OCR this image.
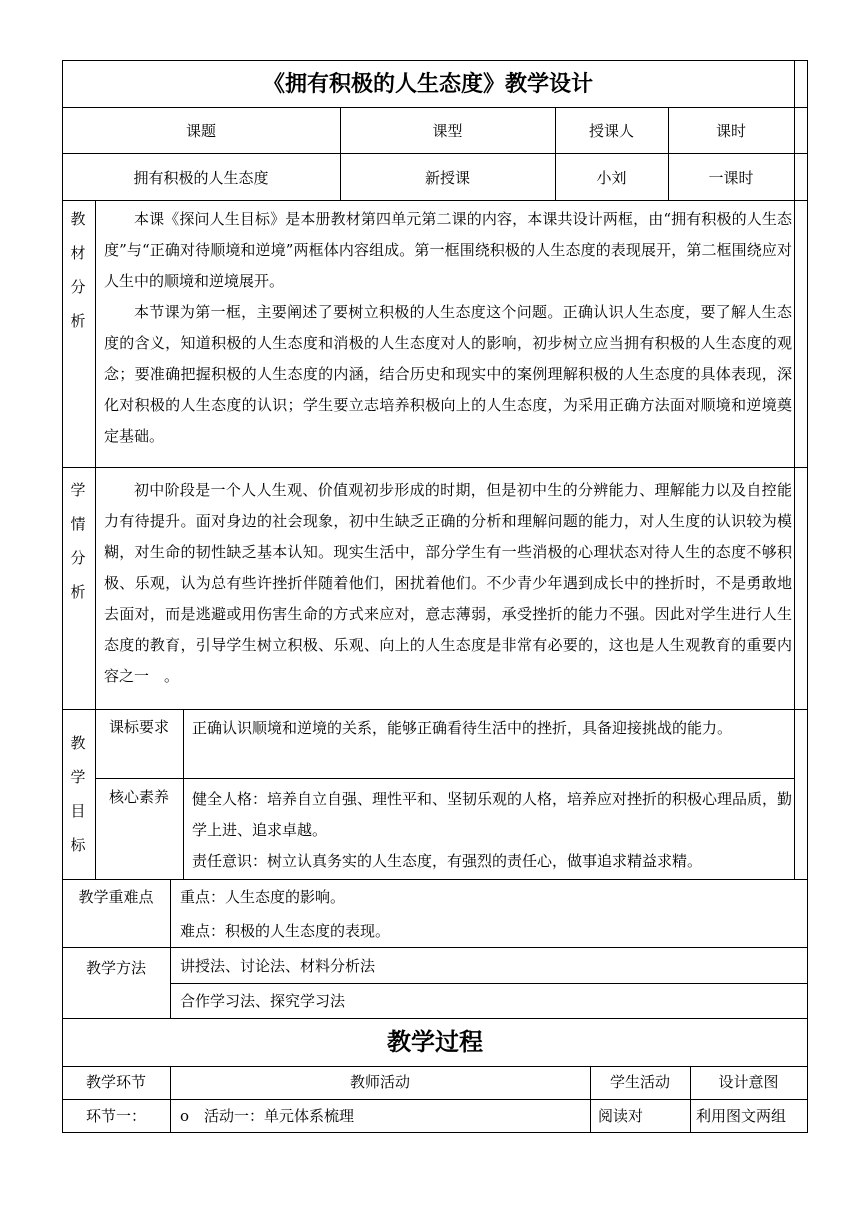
《拥有积极的人生态度》教学设计
课题	课型	授课人	课时
拥有积极的人生态度	新授课	小刘	一课时
教
材
分
析

本课《探问人生目标》是本册教材第四单元第二课的内容，本课共设计两框，由“拥有积极的人生态度”与“正确对待顺境和逆境”两框体内容组成。第一框围绕积极的人生态度的表现展开，第二框围绕应对人生中的顺境和逆境展开。

本节课为第一框，主要阐述了要树立积极的人生态度这个问题。正确认识人生态度，要了解人生态度的含义，知道积极的人生态度和消极的人生态度对人的影响，初步树立应当拥有积极的人生态度的观念；要准确把握积极的人生态度的内涵，结合历史和现实中的案例理解积极的人生态度的具体表现，深化对积极的人生态度的认识；学生要立志培养积极向上的人生态度，为采用正确方法面对顺境和逆境奠定基础。

学
情
分
析

初中阶段是一个人人生观、价值观初步形成的时期，但是初中生的分辨能力、理解能力以及自控能力有待提升。面对身边的社会现象，初中生缺乏正确的分析和理解问题的能力，对人生度的认识较为模糊，对生命的韧性缺乏基本认知。现实生活中，部分学生有一些消极的心理状态对待人生的态度不够积极、乐观，认为总有些许挫折伴随着他们，困扰着他们。不少青少年遇到成长中的挫折时，不是勇敢地去面对，而是逃避或用伤害生命的方式来应对，意志薄弱，承受挫折的能力不强。因此对学生进行人生态度的教育，引导学生树立积极、乐观、向上的人生态度是非常有必要的，这也是人生观教育的重要内容之一　。

教
学
目
标
课标要求	正确认识顺境和逆境的关系，能够正确看待生活中的挫折，具备迎接挑战的能力。
核心素养	健全人格：培养自立自强、理性平和、坚韧乐观的人格，培养应对挫折的积极心理品质，勤学上进、追求卓越。

责任意识：树立认真务实的人生态度，有强烈的责任心，做事追求精益求精。

教学重难点	重点：人生态度的影响。
难点：积极的人生态度的表现。
教学方法	讲授法、讨论法、材料分析法
合作学习法、探究学习法
教学过程
教学环节	教师活动	学生活动	设计意图
环节一：	o　活动一：单元体系梳理	阅读对	利用图文两组
